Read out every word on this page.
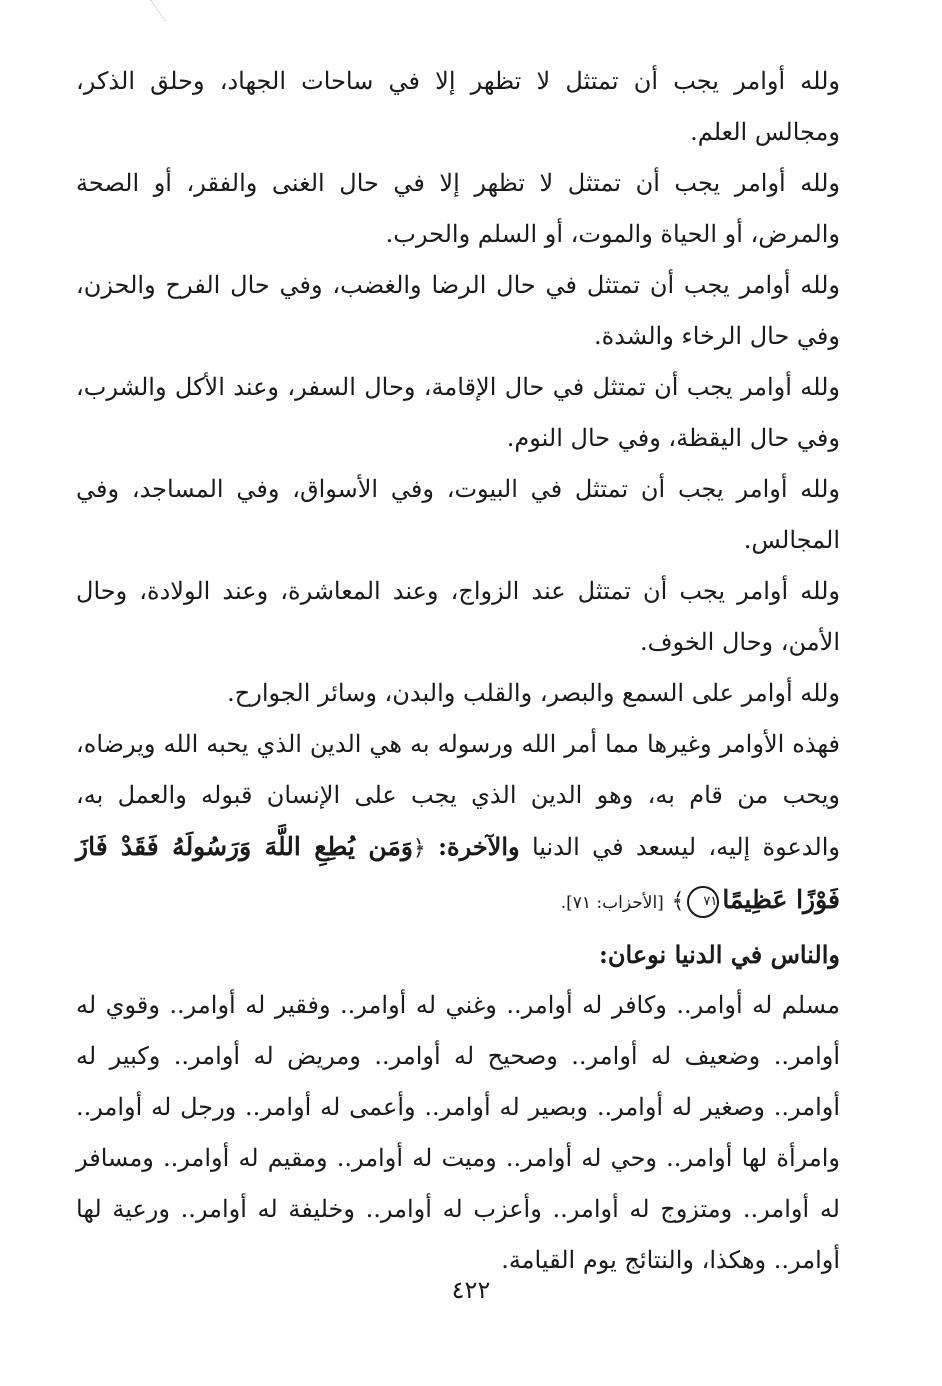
ولله أوامر يجب أن تمتثل لا تظهر إلا في ساحات الجهاد، وحلق الذكر، ومجالس العلم.

ولله أوامر يجب أن تمتثل لا تظهر إلا في حال الغنى والفقر، أو الصحة والمرض، أو الحياة والموت، أو السلم والحرب.

ولله أوامر يجب أن تمتثل في حال الرضا والغضب، وفي حال الفرح والحزن، وفي حال الرخاء والشدة.

ولله أوامر يجب أن تمتثل في حال الإقامة، وحال السفر، وعند الأكل والشرب، وفي حال اليقظة، وفي حال النوم.

ولله أوامر يجب أن تمتثل في البيوت، وفي الأسواق، وفي المساجد، وفي المجالس.

ولله أوامر يجب أن تمتثل عند الزواج، وعند المعاشرة، وعند الولادة، وحال الأمن، وحال الخوف.

ولله أوامر على السمع والبصر، والقلب والبدن، وسائر الجوارح.

فهذه الأوامر وغيرها مما أمر الله ورسوله به هي الدين الذي يحبه الله ويرضاه، ويحب من قام به، وهو الدين الذي يجب على الإنسان قبوله والعمل به، والدعوة إليه، ليسعد في الدنيا والآخرة: ﴿وَمَن يُطِعِ اللَّهَ وَرَسُولَهُ فَقَدْ فَازَ فَوْزًا عَظِيمًا٧١﴾ [الأحزاب: ٧١].

والناس في الدنيا نوعان:

مسلم له أوامر.. وكافر له أوامر.. وغني له أوامر.. وفقير له أوامر.. وقوي له أوامر.. وضعيف له أوامر.. وصحيح له أوامر.. ومريض له أوامر.. وكبير له أوامر.. وصغير له أوامر.. وبصير له أوامر.. وأعمى له أوامر.. ورجل له أوامر.. وامرأة لها أوامر.. وحي له أوامر.. وميت له أوامر.. ومقيم له أوامر.. ومسافر له أوامر.. ومتزوج له أوامر.. وأعزب له أوامر.. وخليفة له أوامر.. ورعية لها أوامر.. وهكذا، والنتائج يوم القيامة.

٤٢٢
